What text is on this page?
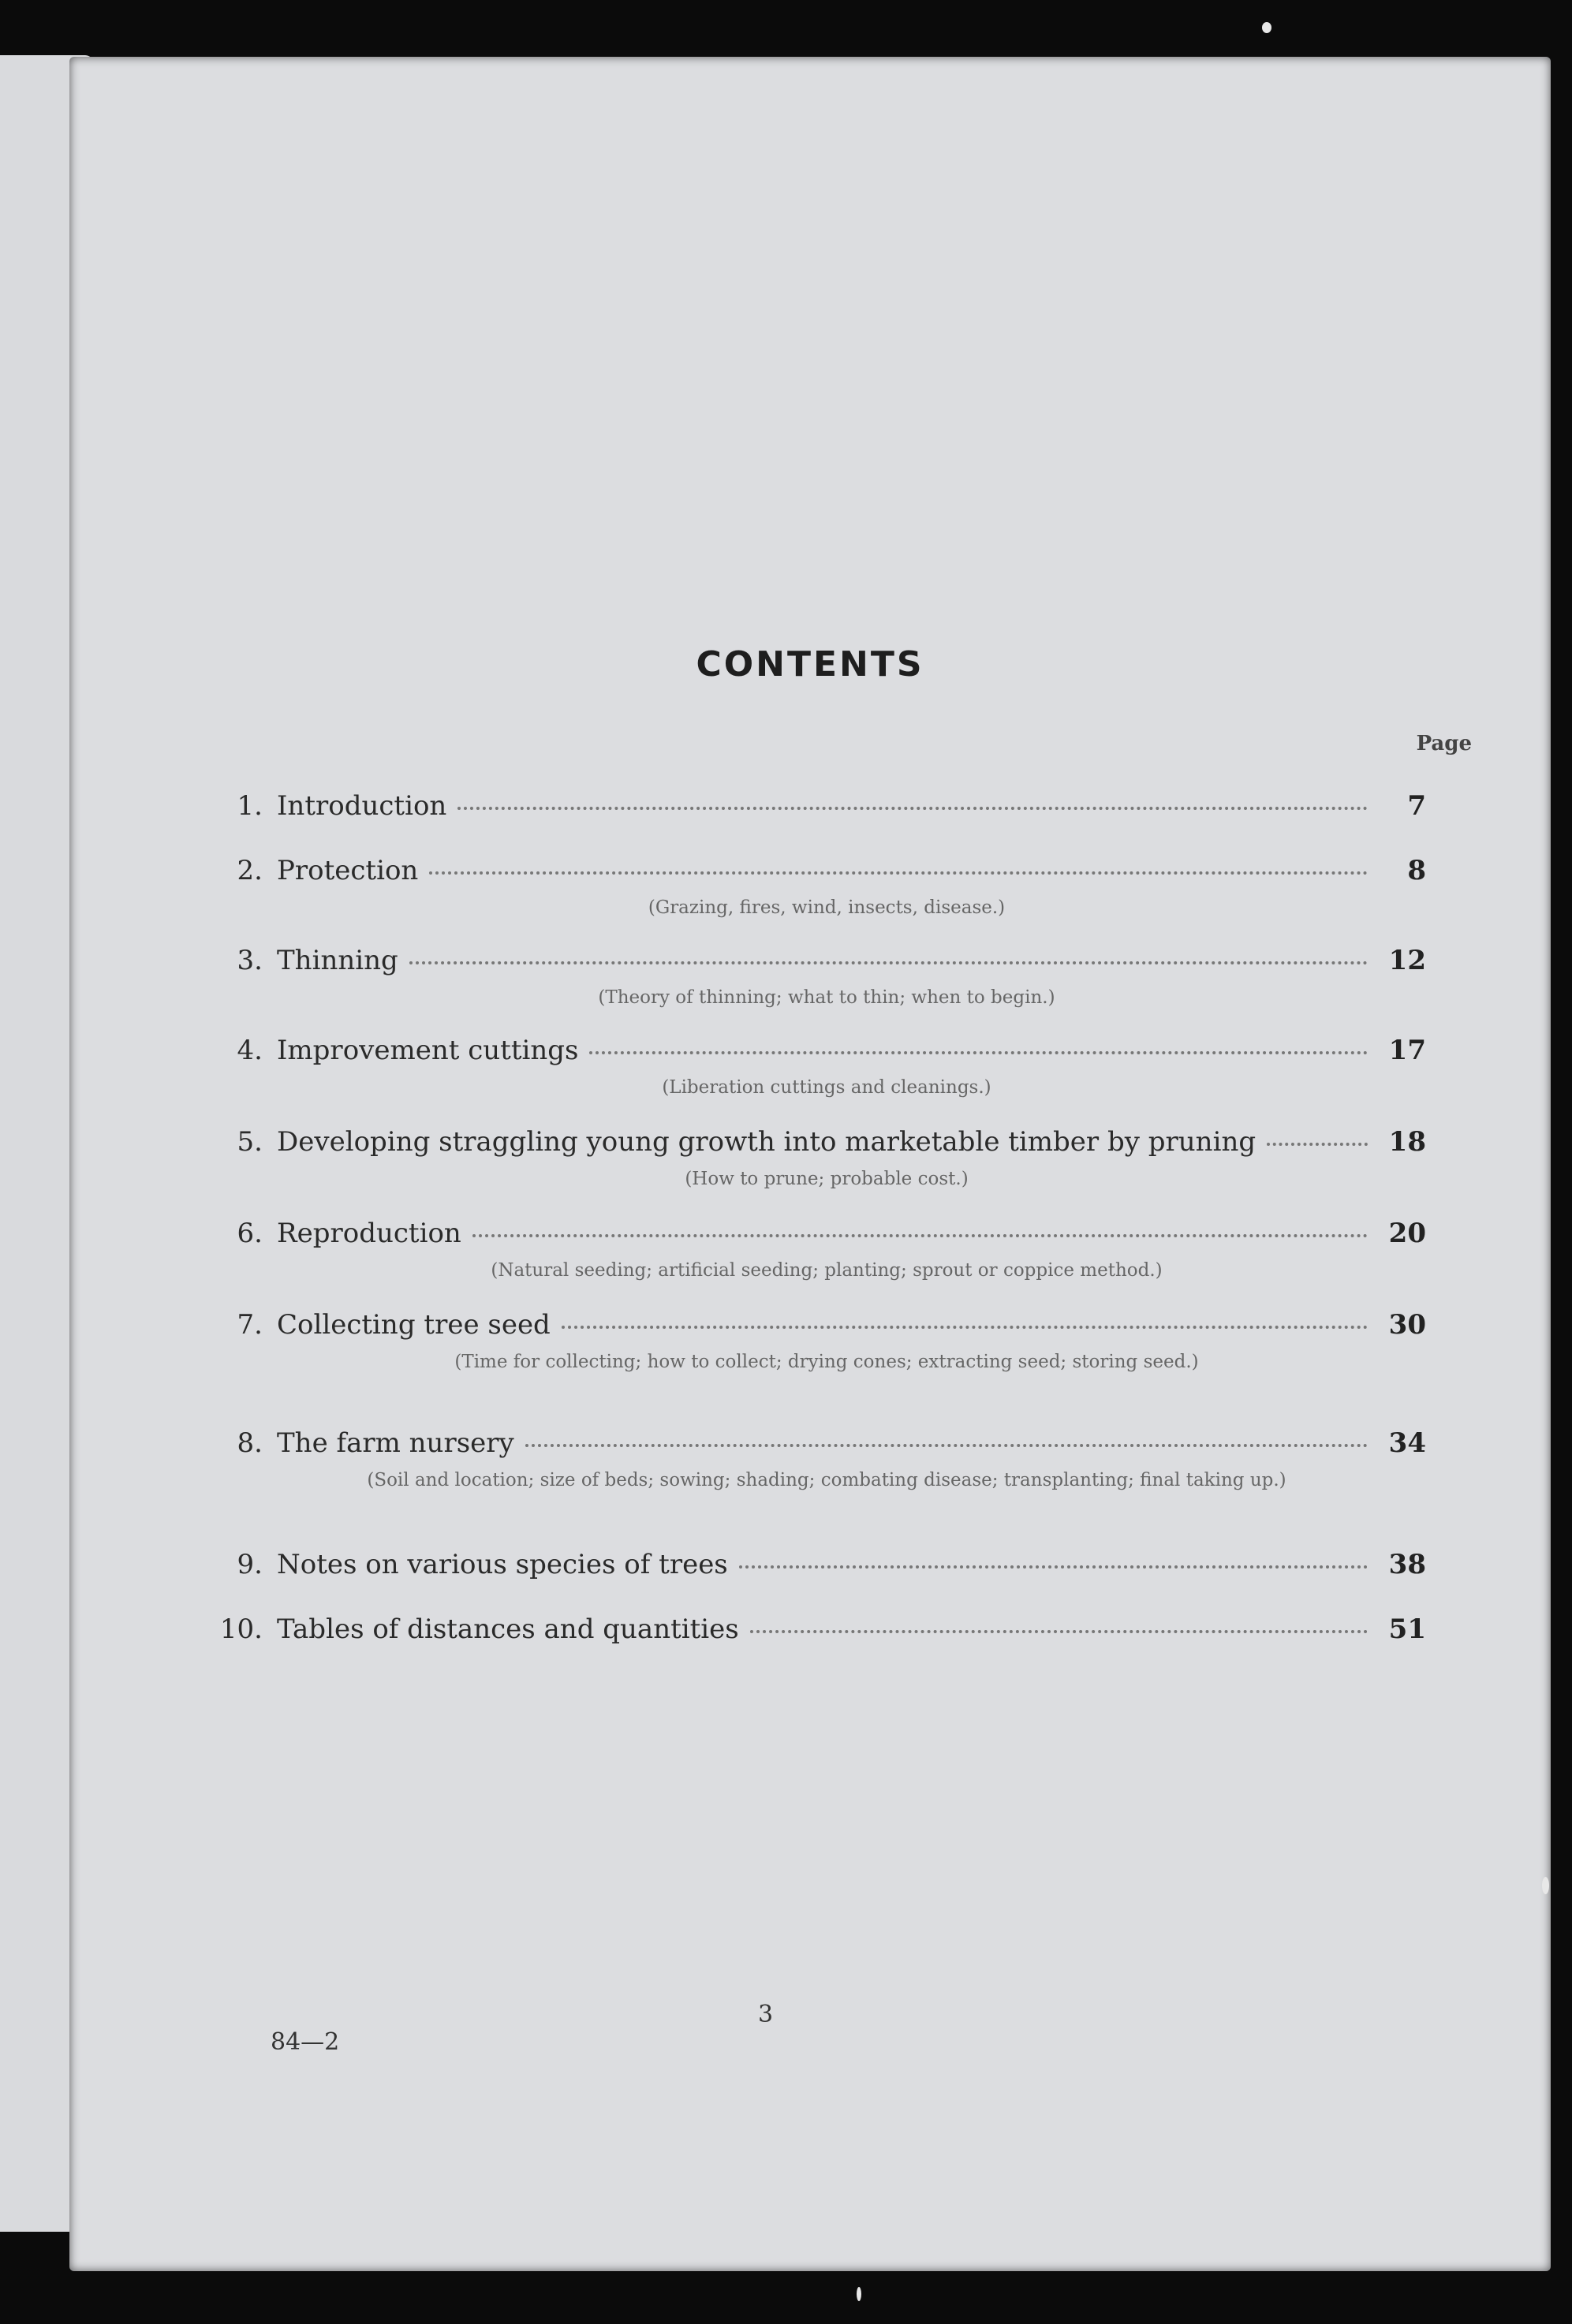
CONTENTS
Page
1. Introduction	7
2. Protection	8
(Grazing, fires, wind, insects, disease.)
3. Thinning	12
(Theory of thinning; what to thin; when to begin.)
4. Improvement cuttings	17
(Liberation cuttings and cleanings.)
5. Developing straggling young growth into marketable timber by pruning	18
(How to prune; probable cost.)
6. Reproduction	20
(Natural seeding; artificial seeding; planting; sprout or coppice method.)
7. Collecting tree seed	30
(Time for collecting; how to collect; drying cones; extracting seed; storing seed.)
8. The farm nursery	34
(Soil and location; size of beds; sowing; shading; combating disease; transplanting; final taking up.)
9. Notes on various species of trees	38
10. Tables of distances and quantities	51
3
84—2
